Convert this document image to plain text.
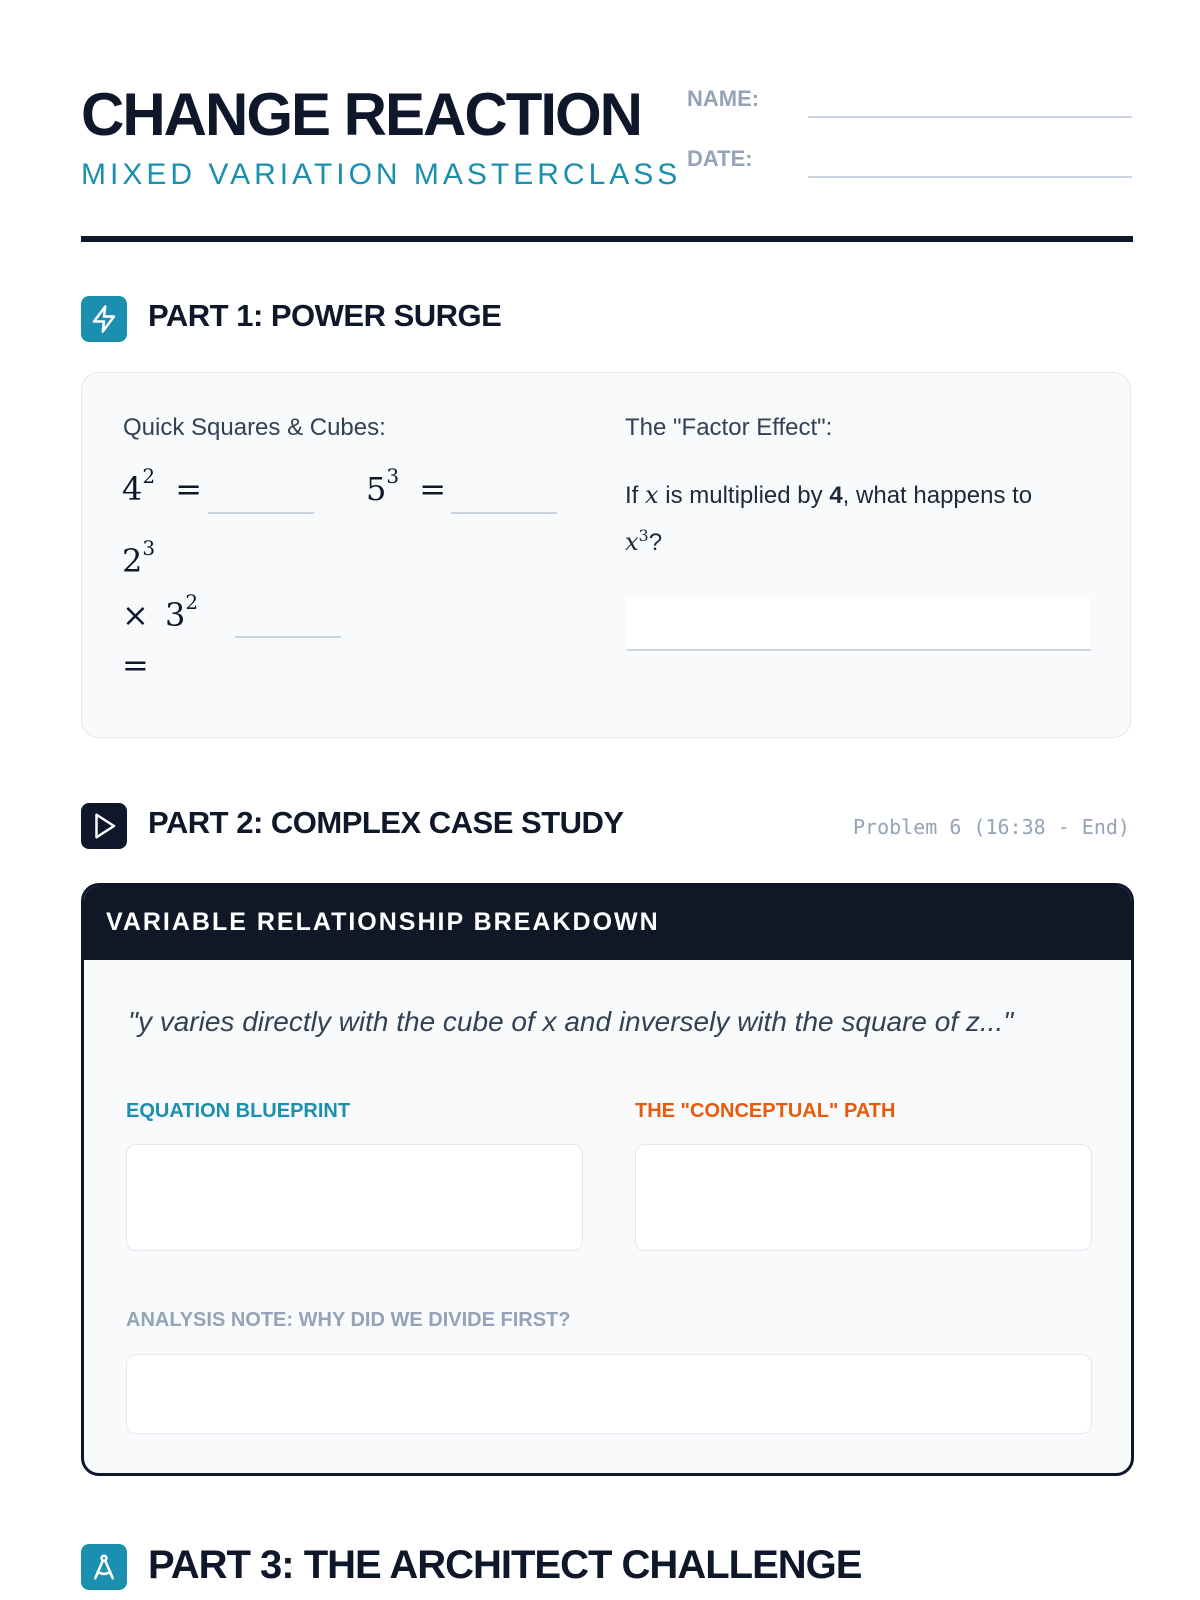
CHANGE REACTION
MIXED VARIATION MASTERCLASS
NAME:
DATE:
PART 1: POWER SURGE
Quick Squares & Cubes:
$4^2$ =	$5^3$ =
$2^3$
× $3^2$
=
The "Factor Effect":
If x is multiplied by 4, what happens to
$x^3$?
PART 2: COMPLEX CASE STUDY	Problem 6 (16:38 - End)
VARIABLE RELATIONSHIP BREAKDOWN
"y varies directly with the cube of x and inversely with the square of z..."
EQUATION BLUEPRINT	THE "CONCEPTUAL" PATH
ANALYSIS NOTE: WHY DID WE DIVIDE FIRST?
PART 3: THE ARCHITECT CHALLENGE
